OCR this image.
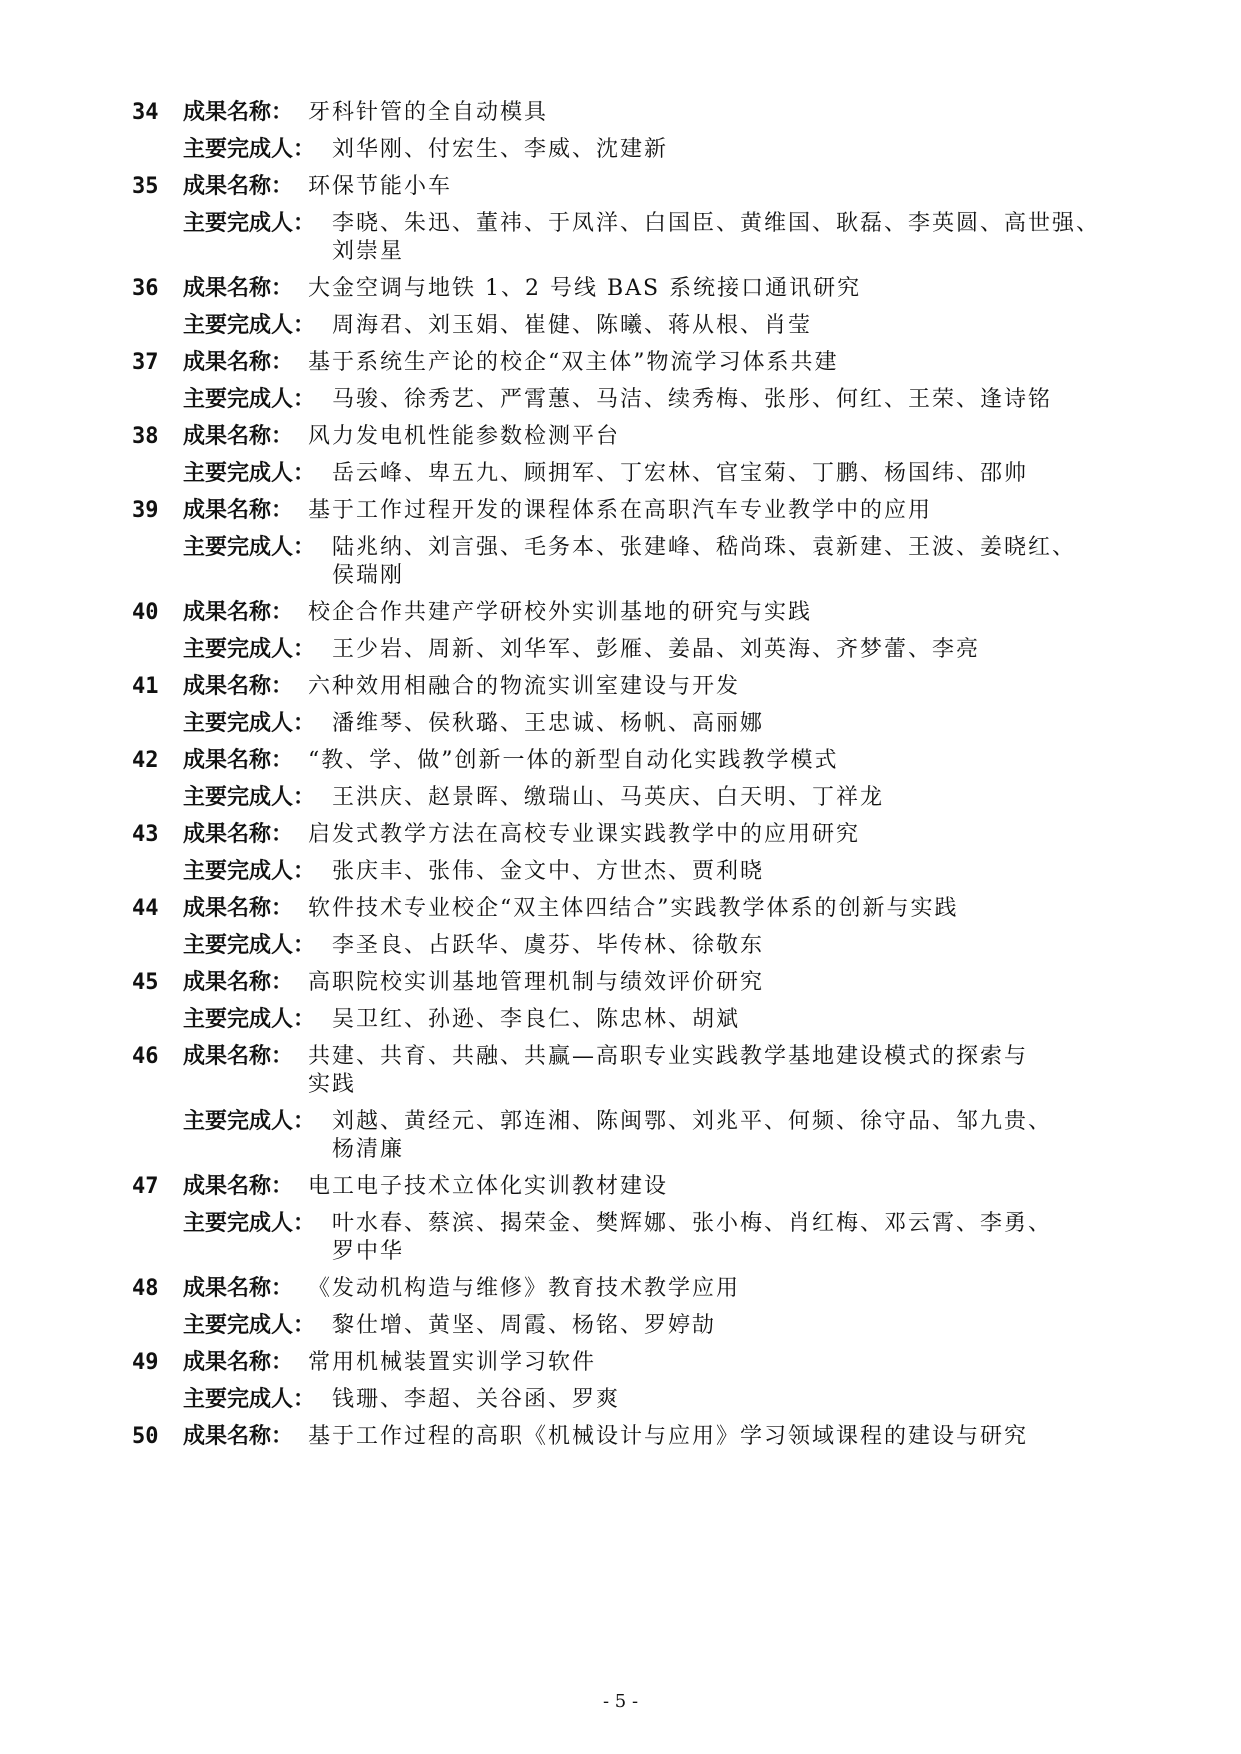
34	成果名称： 牙科针管的全自动模具
主要完成人： 刘华刚、付宏生、李威、沈建新
35	成果名称： 环保节能小车
主要完成人： 李晓、朱迅、董祎、于凤洋、白国臣、黄维国、耿磊、李英圆、高世强、
刘崇星
36	成果名称： 大金空调与地铁 1、2 号线 BAS 系统接口通讯研究
主要完成人： 周海君、刘玉娟、崔健、陈曦、蒋从根、肖莹
37	成果名称： 基于系统生产论的校企“双主体”物流学习体系共建
主要完成人： 马骏、徐秀艺、严霄蕙、马洁、续秀梅、张彤、何红、王荣、逢诗铭
38	成果名称： 风力发电机性能参数检测平台
主要完成人： 岳云峰、卑五九、顾拥军、丁宏林、官宝菊、丁鹏、杨国纬、邵帅
39	成果名称： 基于工作过程开发的课程体系在高职汽车专业教学中的应用
主要完成人： 陆兆纳、刘言强、毛务本、张建峰、嵇尚珠、袁新建、王波、姜晓红、
侯瑞刚
40	成果名称： 校企合作共建产学研校外实训基地的研究与实践
主要完成人： 王少岩、周新、刘华军、彭雁、姜晶、刘英海、齐梦蕾、李亮
41	成果名称： 六种效用相融合的物流实训室建设与开发
主要完成人： 潘维琴、侯秋璐、王忠诚、杨帆、高丽娜
42	成果名称： “教、学、做”创新一体的新型自动化实践教学模式
主要完成人： 王洪庆、赵景晖、缴瑞山、马英庆、白天明、丁祥龙
43	成果名称： 启发式教学方法在高校专业课实践教学中的应用研究
主要完成人： 张庆丰、张伟、金文中、方世杰、贾利晓
44	成果名称： 软件技术专业校企“双主体四结合”实践教学体系的创新与实践
主要完成人： 李圣良、占跃华、虞芬、毕传林、徐敬东
45	成果名称： 高职院校实训基地管理机制与绩效评价研究
主要完成人： 吴卫红、孙逊、李良仁、陈忠林、胡斌
46	成果名称： 共建、共育、共融、共赢—高职专业实践教学基地建设模式的探索与
实践
主要完成人： 刘越、黄经元、郭连湘、陈闽鄂、刘兆平、何频、徐守品、邹九贵、
杨清廉
47	成果名称： 电工电子技术立体化实训教材建设
主要完成人： 叶水春、蔡滨、揭荣金、樊辉娜、张小梅、肖红梅、邓云霄、李勇、
罗中华
48	成果名称： 《发动机构造与维修》教育技术教学应用
主要完成人： 黎仕增、黄坚、周霞、杨铭、罗婷劼
49	成果名称： 常用机械装置实训学习软件
主要完成人： 钱珊、李超、关谷函、罗爽
50	成果名称： 基于工作过程的高职《机械设计与应用》学习领域课程的建设与研究
- 5 -
